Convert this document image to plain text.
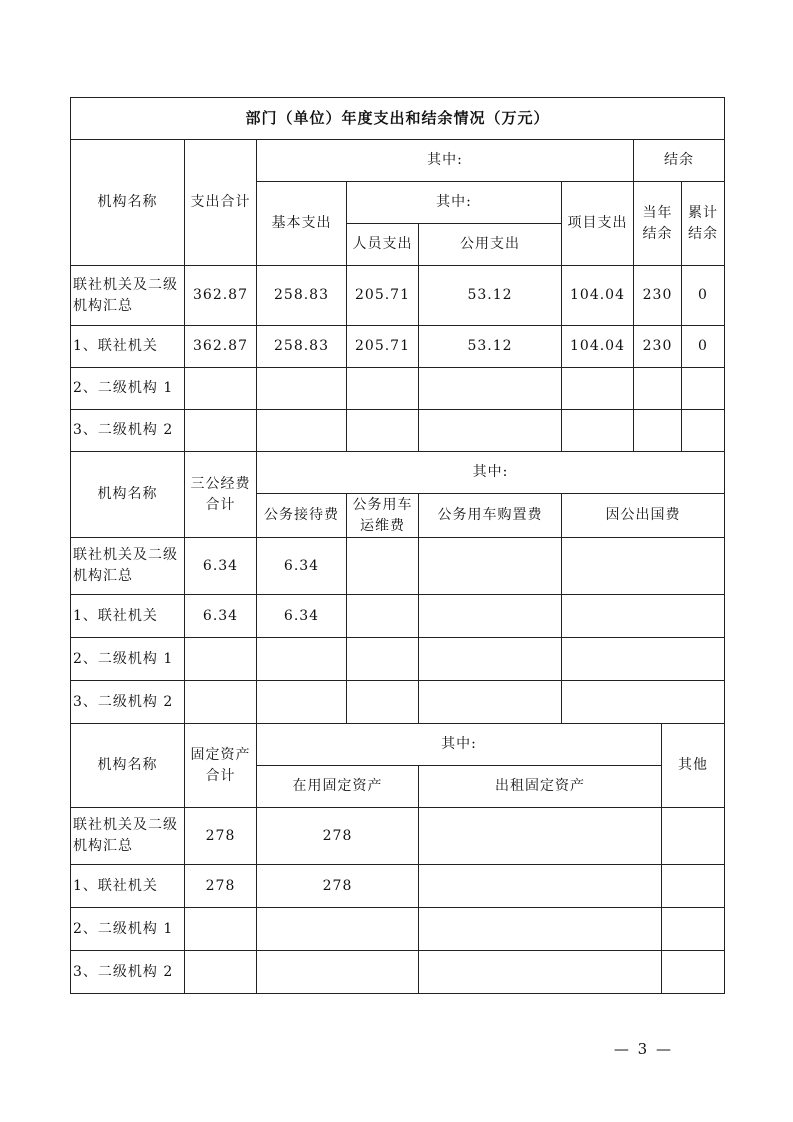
部门（单位）年度支出和结余情况（万元）							
机构名称	支出合计	其中:				结余	
		基本支出	其中:		项目支出	当年结余	累计结余
			人员支出	公用支出			
联社机关及二级机构汇总	362.87	258.83	205.71	53.12	104.04	230	0
1、联社机关	362.87	258.83	205.71	53.12	104.04	230	0
2、二级机构 1							
3、二级机构 2							
机构名称	三公经费合计	其中:			
		公务接待费	公务用车运维费	公务用车购置费	因公出国费
联社机关及二级机构汇总	6.34	6.34			
1、联社机关	6.34	6.34			
2、二级机构 1					
3、二级机构 2					
机构名称	固定资产合计	其中:		其他
		在用固定资产	出租固定资产	
联社机关及二级机构汇总	278	278		
1、联社机关	278	278		
2、二级机构 1				
3、二级机构 2				
— 3 —
